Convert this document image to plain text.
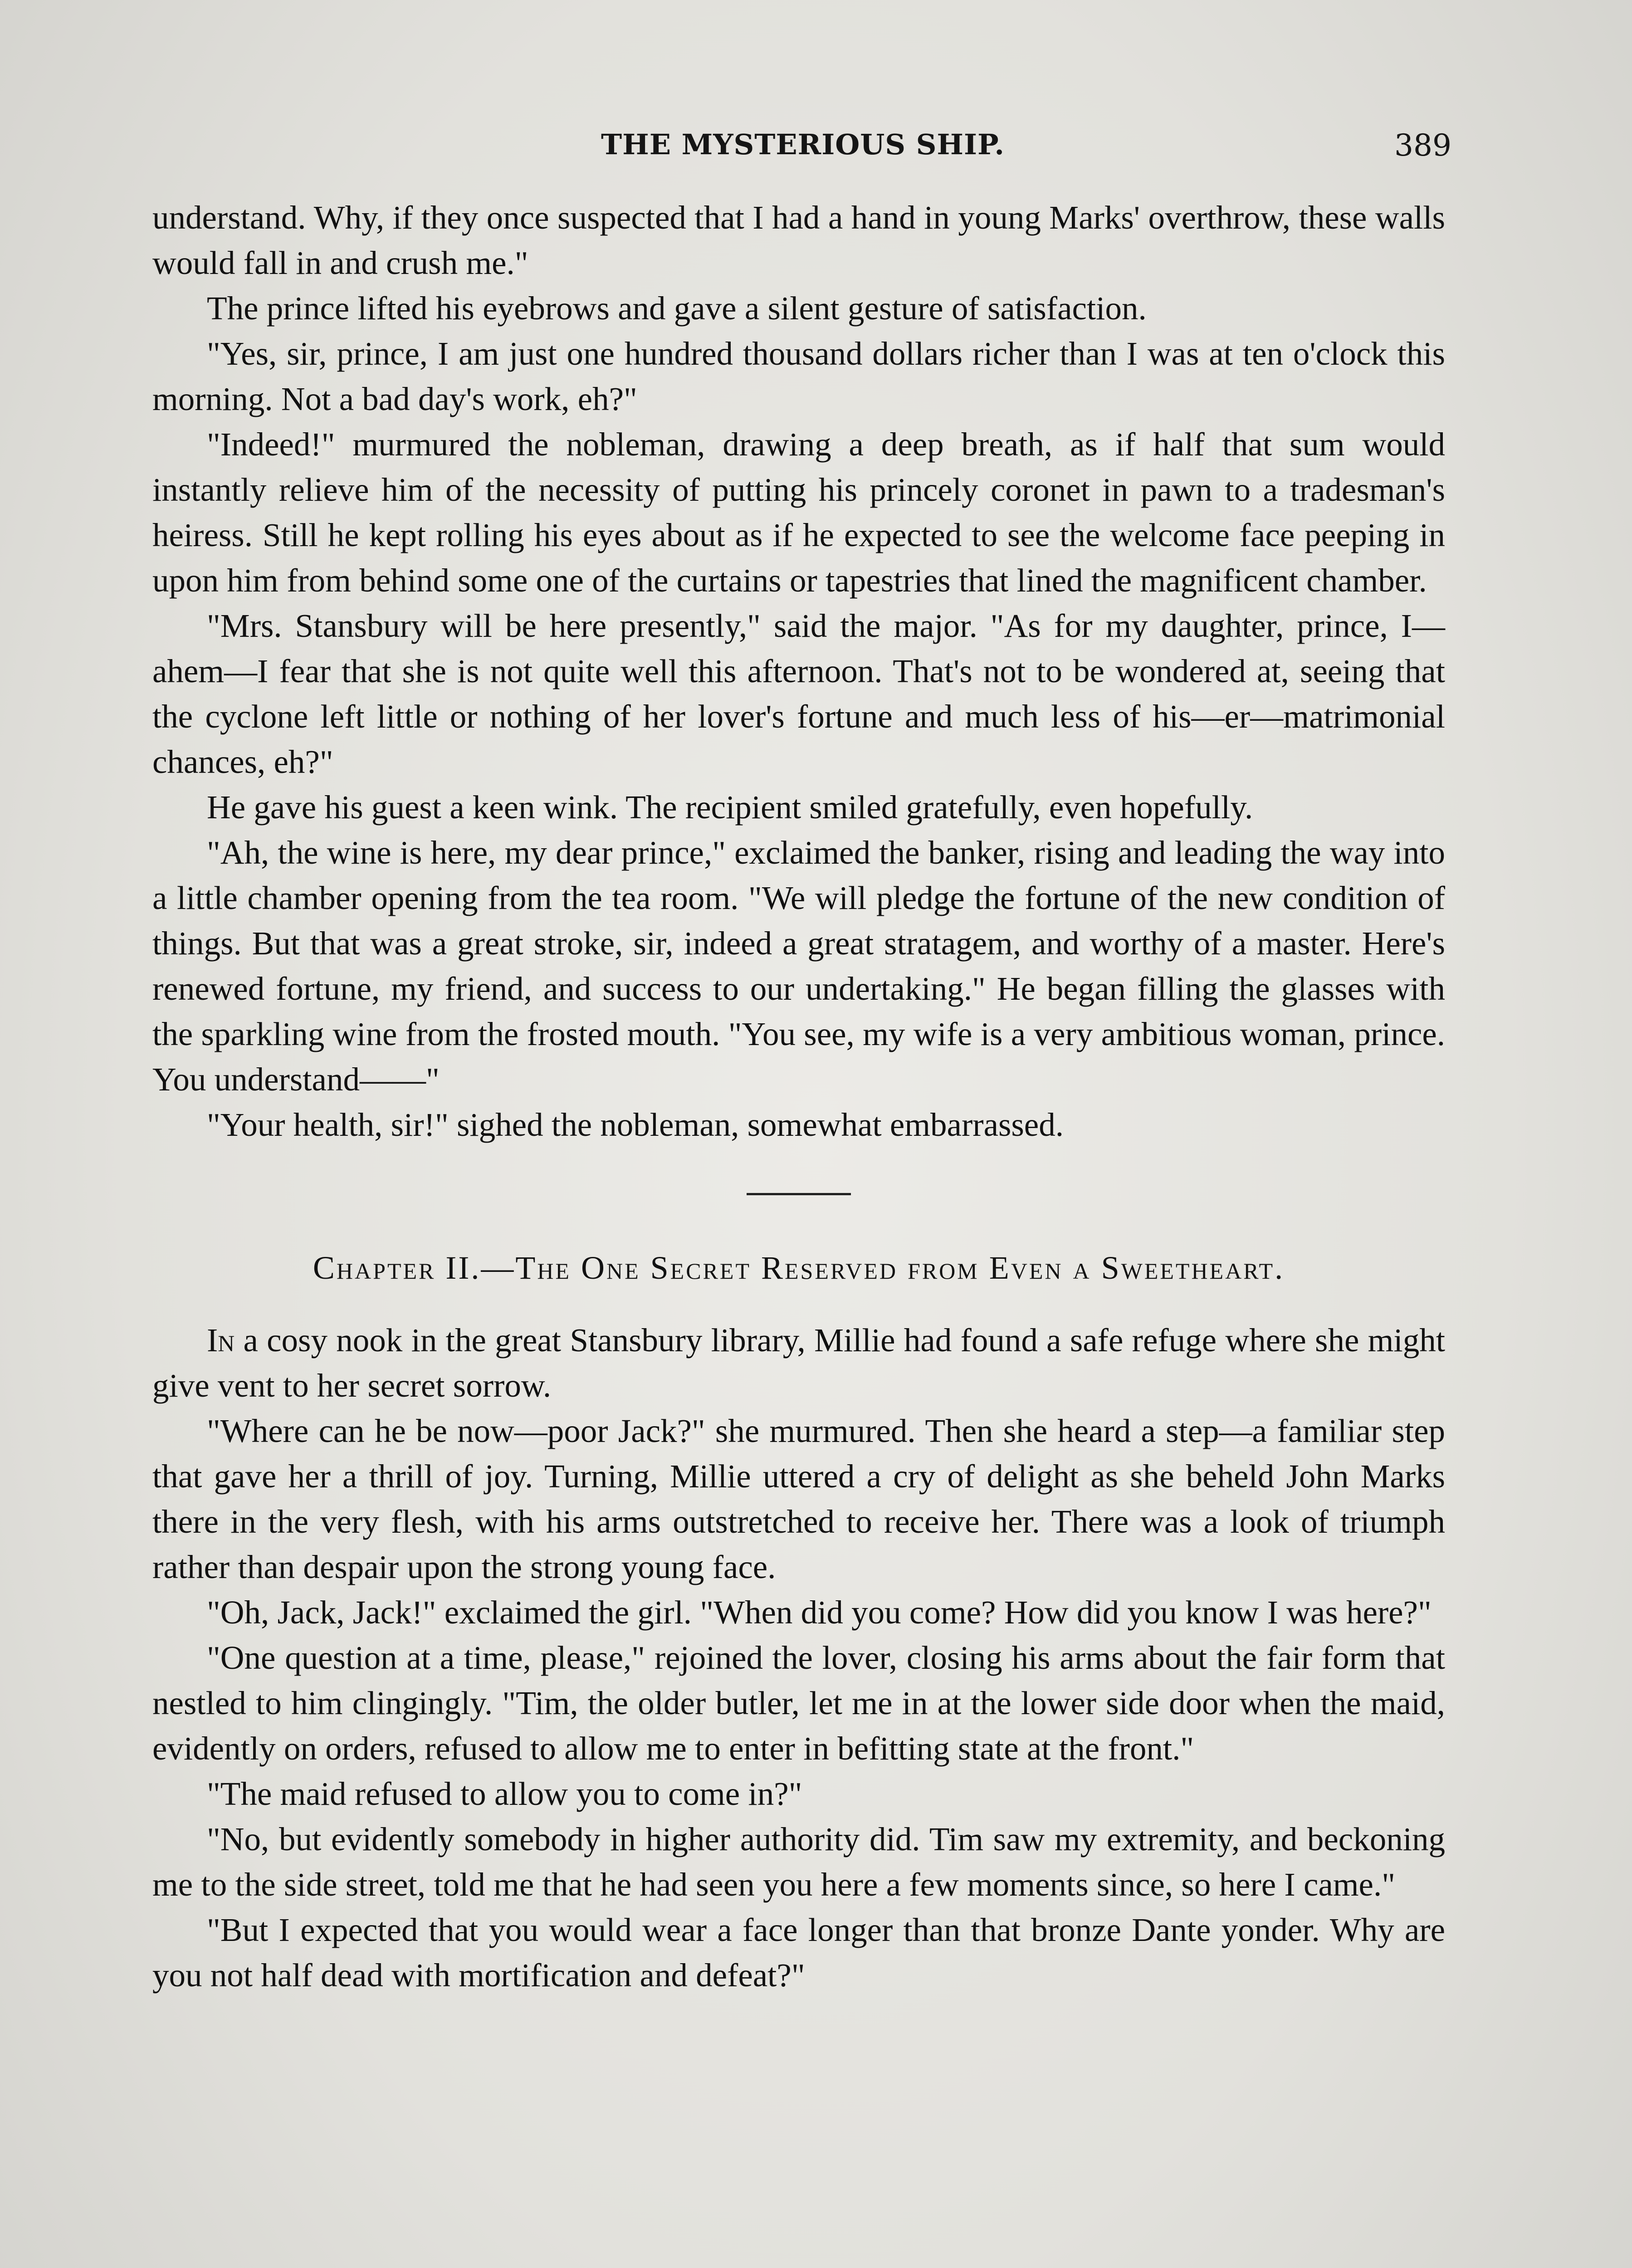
THE MYSTERIOUS SHIP.	389

understand. Why, if they once suspected that I had a hand in young Marks' overthrow, these walls would fall in and crush me."

The prince lifted his eyebrows and gave a silent gesture of satisfaction.

"Yes, sir, prince, I am just one hundred thousand dollars richer than I was at ten o'clock this morning. Not a bad day's work, eh?"

"Indeed!" murmured the nobleman, drawing a deep breath, as if half that sum would instantly relieve him of the necessity of putting his princely coronet in pawn to a tradesman's heiress. Still he kept rolling his eyes about as if he expected to see the welcome face peeping in upon him from behind some one of the curtains or tapestries that lined the magnificent chamber.

"Mrs. Stansbury will be here presently," said the major. "As for my daughter, prince, I—ahem—I fear that she is not quite well this afternoon. That's not to be wondered at, seeing that the cyclone left little or nothing of her lover's fortune and much less of his—er—matrimonial chances, eh?"

He gave his guest a keen wink. The recipient smiled gratefully, even hopefully.

"Ah, the wine is here, my dear prince," exclaimed the banker, rising and leading the way into a little chamber opening from the tea room. "We will pledge the fortune of the new condition of things. But that was a great stroke, sir, indeed a great stratagem, and worthy of a master. Here's renewed fortune, my friend, and success to our undertaking." He began filling the glasses with the sparkling wine from the frosted mouth. "You see, my wife is a very ambitious woman, prince. You understand——"

"Your health, sir!" sighed the nobleman, somewhat embarrassed.

Chapter II.—The One Secret Reserved from Even a Sweetheart.

In a cosy nook in the great Stansbury library, Millie had found a safe refuge where she might give vent to her secret sorrow.

"Where can he be now—poor Jack?" she murmured. Then she heard a step—a familiar step that gave her a thrill of joy. Turning, Millie uttered a cry of delight as she beheld John Marks there in the very flesh, with his arms outstretched to receive her. There was a look of triumph rather than despair upon the strong young face.

"Oh, Jack, Jack!" exclaimed the girl. "When did you come? How did you know I was here?"

"One question at a time, please," rejoined the lover, closing his arms about the fair form that nestled to him clingingly. "Tim, the older butler, let me in at the lower side door when the maid, evidently on orders, refused to allow me to enter in befitting state at the front."

"The maid refused to allow you to come in?"

"No, but evidently somebody in higher authority did. Tim saw my extremity, and beckoning me to the side street, told me that he had seen you here a few moments since, so here I came."

"But I expected that you would wear a face longer than that bronze Dante yonder. Why are you not half dead with mortification and defeat?"
